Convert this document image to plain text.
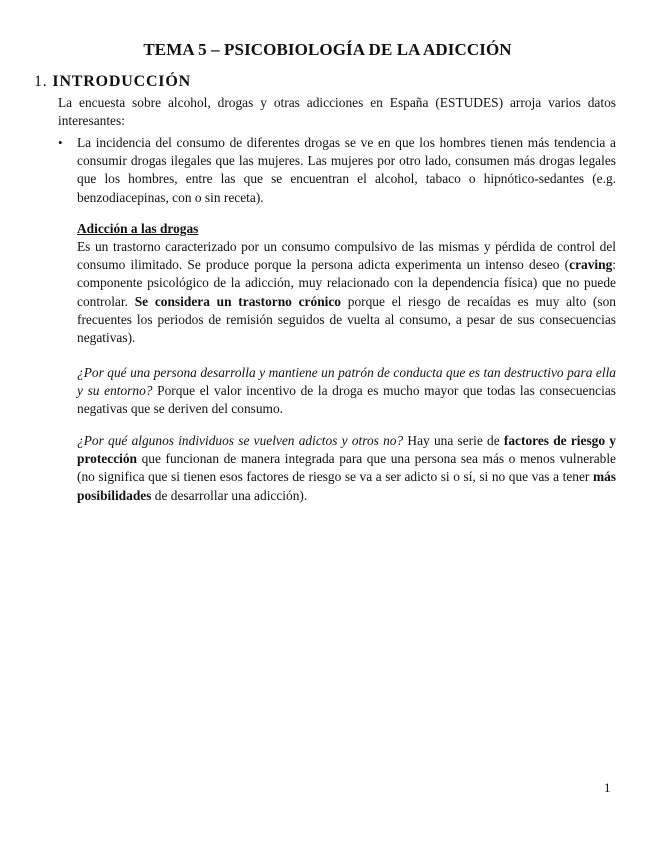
TEMA 5 – PSICOBIOLOGÍA DE LA ADICCIÓN
1. INTRODUCCIÓN

La encuesta sobre alcohol, drogas y otras adicciones en España (ESTUDES) arroja varios datos interesantes:

•	La incidencia del consumo de diferentes drogas se ve en que los hombres tienen más tendencia a consumir drogas ilegales que las mujeres. Las mujeres por otro lado, consumen más drogas legales que los hombres, entre las que se encuentran el alcohol, tabaco o hipnótico-sedantes (e.g. benzodiacepinas, con o sin receta).

Adicción a las drogas

Es un trastorno caracterizado por un consumo compulsivo de las mismas y pérdida de control del consumo ilimitado. Se produce porque la persona adicta experimenta un intenso deseo (craving: componente psicológico de la adicción, muy relacionado con la dependencia física) que no puede controlar. Se considera un trastorno crónico porque el riesgo de recaídas es muy alto (son frecuentes los periodos de remisión seguidos de vuelta al consumo, a pesar de sus consecuencias negativas).

¿Por qué una persona desarrolla y mantiene un patrón de conducta que es tan destructivo para ella y su entorno? Porque el valor incentivo de la droga es mucho mayor que todas las consecuencias negativas que se deriven del consumo.

¿Por qué algunos individuos se vuelven adictos y otros no? Hay una serie de factores de riesgo y protección que funcionan de manera integrada para que una persona sea más o menos vulnerable (no significa que si tienen esos factores de riesgo se va a ser adicto si o sí, si no que vas a tener más posibilidades de desarrollar una adicción).

1
